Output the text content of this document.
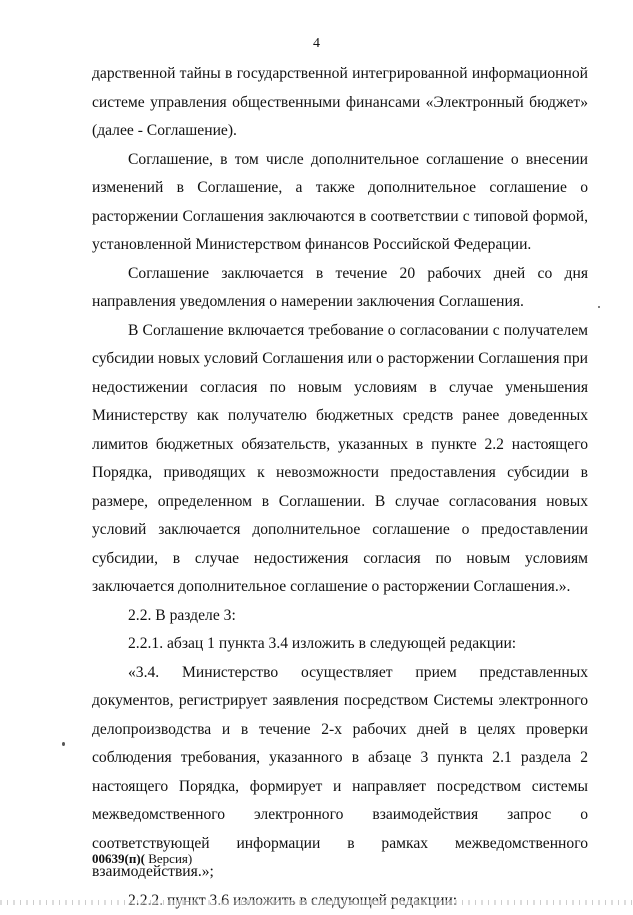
4

дарственной тайны в государственной интегрированной информационной системе управления общественными финансами «Электронный бюджет» (далее - Соглашение).

Соглашение, в том числе дополнительное соглашение о внесении изменений в Соглашение, а также дополнительное соглашение о расторжении Соглашения заключаются в соответствии с типовой формой, установленной Министерством финансов Российской Федерации.

Соглашение заключается в течение 20 рабочих дней со дня направления уведомления о намерении заключения Соглашения.

В Соглашение включается требование о согласовании с получателем субсидии новых условий Соглашения или о расторжении Соглашения при недостижении согласия по новым условиям в случае уменьшения Министерству как получателю бюджетных средств ранее доведенных лимитов бюджетных обязательств, указанных в пункте 2.2 настоящего Порядка, приводящих к невозможности предоставления субсидии в размере, определенном в Соглашении. В случае согласования новых условий заключается дополнительное соглашение о предоставлении субсидии, в случае недостижения согласия по новым условиям заключается дополнительное соглашение о расторжении Соглашения.».

2.2. В разделе 3:

2.2.1. абзац 1 пункта 3.4 изложить в следующей редакции:

«3.4. Министерство осуществляет прием представленных документов, регистрирует заявления посредством Системы электронного делопроизводства и в течение 2-х рабочих дней в целях проверки соблюдения требования, указанного в абзаце 3 пункта 2.1 раздела 2 настоящего Порядка, формирует и направляет посредством системы межведомственного электронного взаимодействия запрос о соответствующей информации в рамках межведомственного взаимодействия.»;

00639(п)( Версия)
